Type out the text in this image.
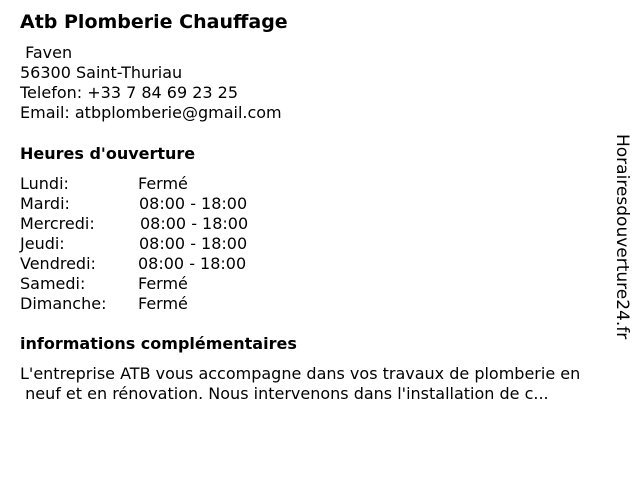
Atb Plomberie Chauffage
Faven
56300 Saint-Thuriau
Telefon: +33 7 84 69 23 25
Email: atbplomberie@gmail.com
Heures d'ouverture
Lundi:	Fermé
Mardi:	08:00 - 18:00
Mercredi:	08:00 - 18:00
Jeudi:	08:00 - 18:00
Vendredi:	08:00 - 18:00
Samedi:	Fermé
Dimanche: Fermé
informations complémentaires
L'entreprise ATB vous accompagne dans vos travaux de plomberie en
neuf et en rénovation. Nous intervenons dans l'installation de c...
Horairesdouverture24.fr
